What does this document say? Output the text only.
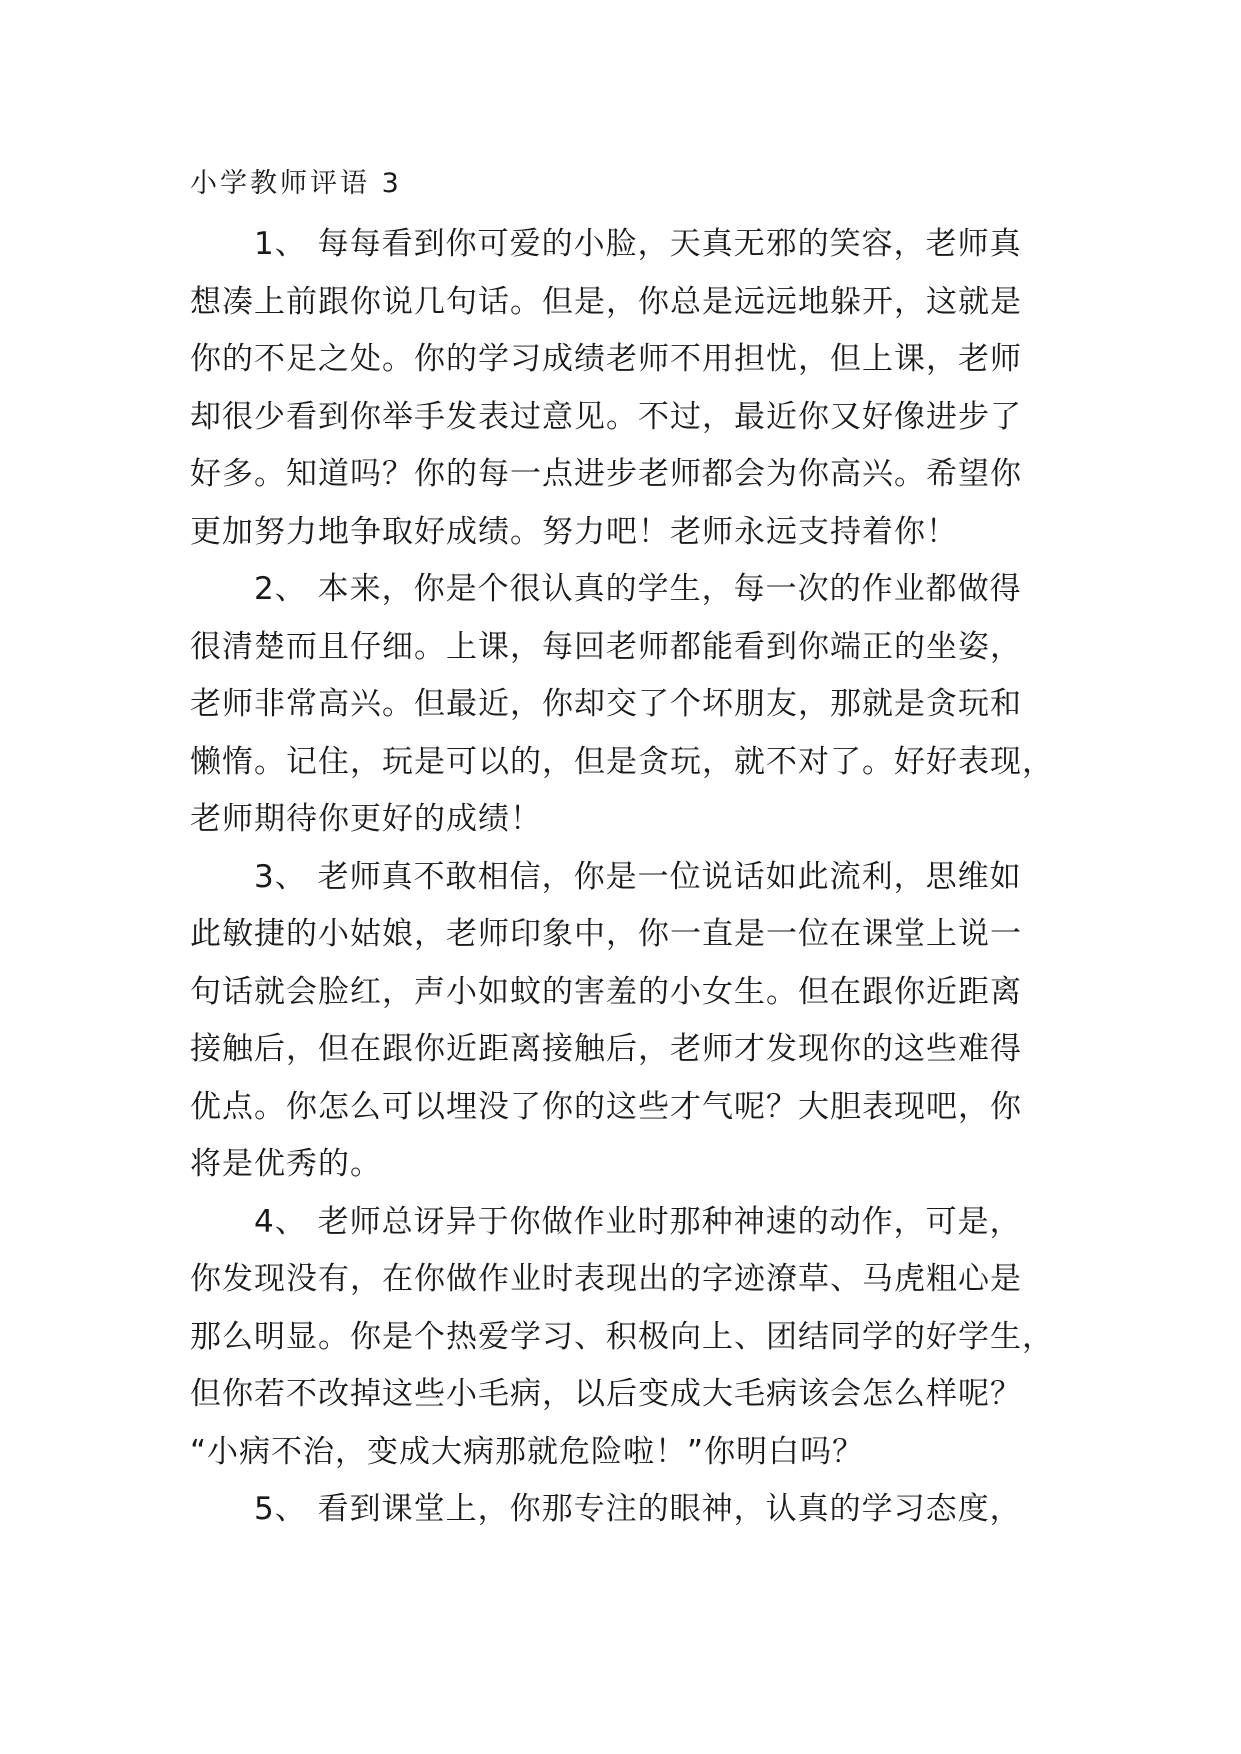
小学教师评语 3
1、 每每看到你可爱的小脸，天真无邪的笑容，老师真
想凑上前跟你说几句话。但是，你总是远远地躲开，这就是
你的不足之处。你的学习成绩老师不用担忧，但上课，老师
却很少看到你举手发表过意见。不过，最近你又好像进步了
好多。知道吗？你的每一点进步老师都会为你高兴。希望你
更加努力地争取好成绩。努力吧！老师永远支持着你！
2、 本来，你是个很认真的学生，每一次的作业都做得
很清楚而且仔细。上课，每回老师都能看到你端正的坐姿，
老师非常高兴。但最近，你却交了个坏朋友，那就是贪玩和
懒惰。记住，玩是可以的，但是贪玩，就不对了。好好表现，
老师期待你更好的成绩！
3、 老师真不敢相信，你是一位说话如此流利，思维如
此敏捷的小姑娘，老师印象中，你一直是一位在课堂上说一
句话就会脸红，声小如蚊的害羞的小女生。但在跟你近距离
接触后，但在跟你近距离接触后，老师才发现你的这些难得
优点。你怎么可以埋没了你的这些才气呢？大胆表现吧，你
将是优秀的。
4、 老师总讶异于你做作业时那种神速的动作，可是，
你发现没有，在你做作业时表现出的字迹潦草、马虎粗心是
那么明显。你是个热爱学习、积极向上、团结同学的好学生，
但你若不改掉这些小毛病，以后变成大毛病该会怎么样呢？
“小病不治，变成大病那就危险啦！”你明白吗？
5、 看到课堂上，你那专注的眼神，认真的学习态度，
